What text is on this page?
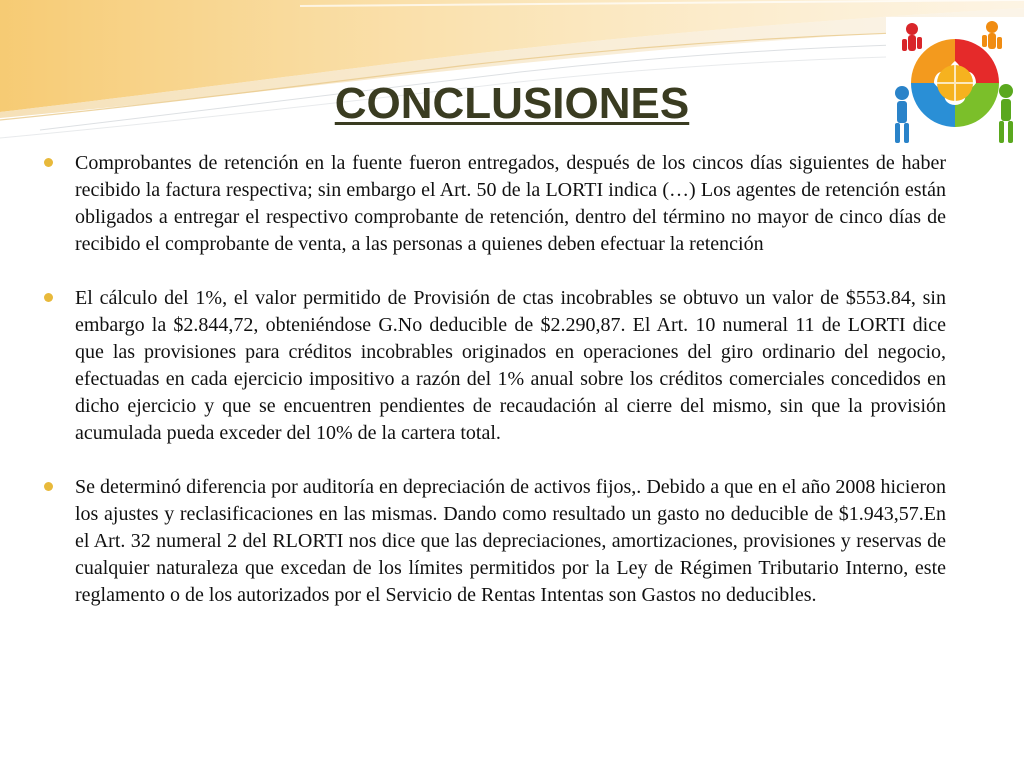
CONCLUSIONES

Comprobantes de retención en la fuente fueron entregados, después de los cincos días siguientes de haber recibido la factura respectiva; sin embargo el Art. 50 de la LORTI indica (…) Los agentes de retención están obligados a entregar el respectivo comprobante de retención, dentro del término no mayor de cinco días de recibido el comprobante de venta, a las personas a quienes deben efectuar la retención

El cálculo del 1%, el valor permitido de Provisión de ctas incobrables se obtuvo un valor de $553.84, sin embargo la $2.844,72, obteniéndose G.No deducible de $2.290,87. El Art. 10 numeral 11 de LORTI dice que las provisiones para créditos incobrables originados en operaciones del giro ordinario del negocio, efectuadas en cada ejercicio impositivo a razón del 1% anual sobre los créditos comerciales concedidos en dicho ejercicio y que se encuentren pendientes de recaudación al cierre del mismo, sin que la provisión acumulada pueda exceder del 10% de la cartera total.

Se determinó diferencia por auditoría en depreciación de activos fijos,. Debido a que en el año 2008 hicieron los ajustes y reclasificaciones en las mismas. Dando como resultado un gasto no deducible de $1.943,57.En el Art. 32 numeral 2 del RLORTI nos dice que las depreciaciones, amortizaciones, provisiones y reservas de cualquier naturaleza que excedan de los límites permitidos por la Ley de Régimen Tributario Interno, este reglamento o de los autorizados por el Servicio de Rentas Intentas son Gastos no deducibles.
